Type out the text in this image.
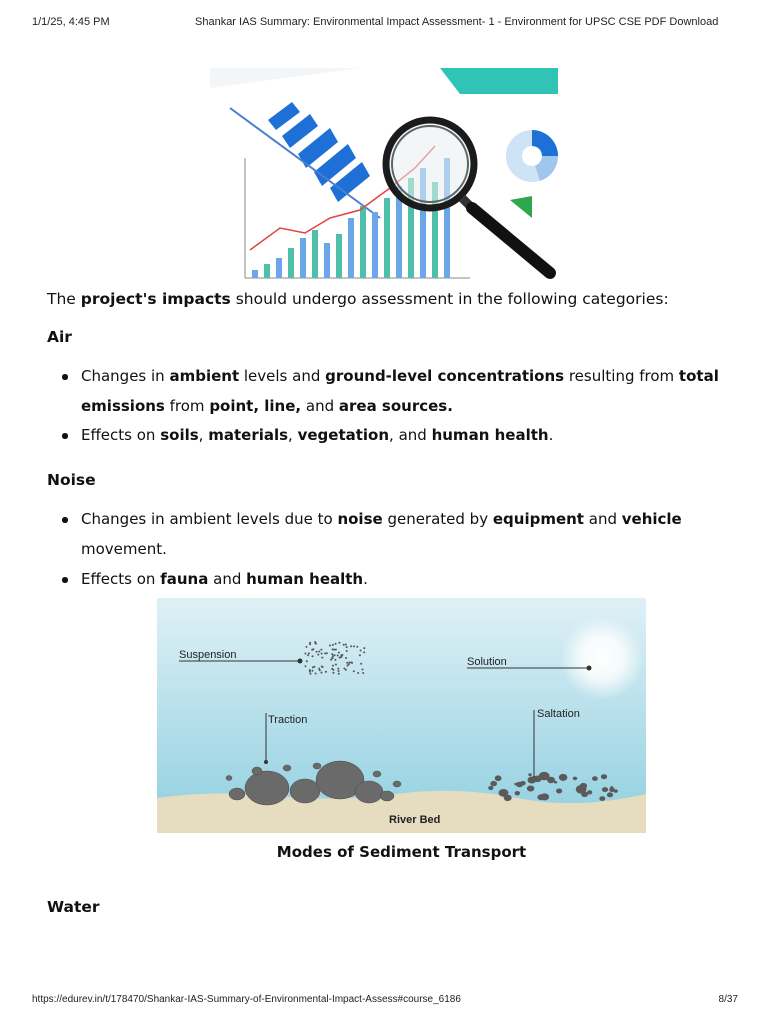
1/1/25, 4:45 PM	Shankar IAS Summary: Environmental Impact Assessment- 1 - Environment for UPSC CSE PDF Download
The project's impacts should undergo assessment in the following categories:
Air
Changes in ambient levels and ground-level concentrations resulting from total emissions from point, line, and area sources.
Effects on soils, materials, vegetation, and human health.
Noise
Changes in ambient levels due to noise generated by equipment and vehicle movement.
Effects on fauna and human health.
Suspension
Solution
Traction	Saltation
River Bed
Modes of Sediment Transport
Water
https://edurev.in/t/178470/Shankar-IAS-Summary-of-Environmental-Impact-Assess#course_6186	8/37
